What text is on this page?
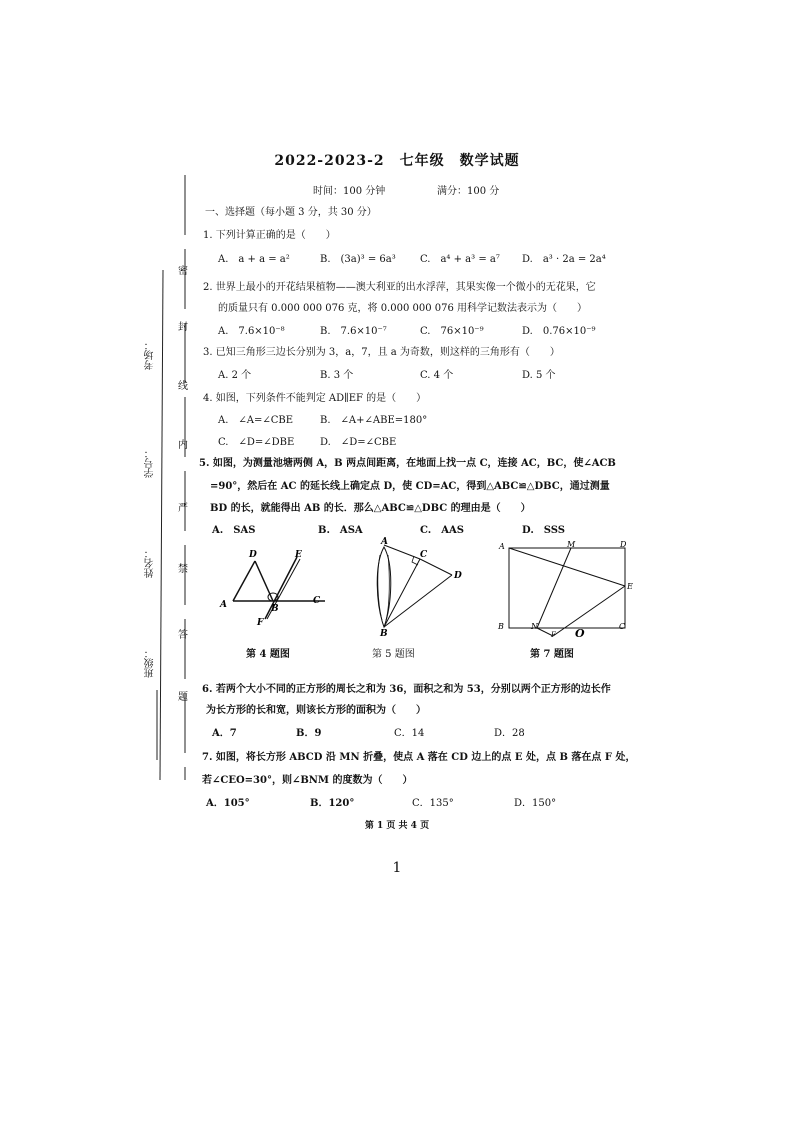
密
封
线
内
严
禁
答
题
考场：
学号：
姓名：
班级：
2022-2023-2　七年级　数学试题
时间：100 分钟	满分：100 分
一、选择题（每小题 3 分，共 30 分）
1. 下列计算正确的是（　　）
A.　a + a = a²	B.　(3a)³ = 6a³ C.　a⁴ + a³ = a⁷ D.　a³ · 2a = 2a⁴
2. 世界上最小的开花结果植物——澳大利亚的出水浮萍，其果实像一个微小的无花果，它
的质量只有 0.000 000 076 克，将 0.000 000 076 用科学记数法表示为（　　）
A.　7.6×10⁻⁸	B.　7.6×10⁻⁷	C.　76×10⁻⁹	D.　0.76×10⁻⁹
3. 已知三角形三边长分别为 3，a，7，且 a 为奇数，则这样的三角形有（　　）
A. 2 个	B. 3 个	C. 4 个	D. 5 个
4. 如图，下列条件不能判定 AD∥EF 的是（　　）
A.　∠A=∠CBE	B.　∠A+∠ABE=180°
C.　∠D=∠DBE	D.　∠D=∠CBE
5. 如图，为测量池塘两侧 A，B 两点间距离，在地面上找一点 C，连接 AC，BC，使∠ACB
=90°，然后在 AC 的延长线上确定点 D，使 CD=AC，得到△ABC≌△DBC，通过测量
BD 的长，就能得出 AB 的长．那么△ABC≌△DBC 的理由是（　　）
A.　SAS	B.　ASA	C.　AAS	D.　SSS
D	E
A	B
C
F
A
B
C
D
A	M	D
E
B	N
F O
C
第 4 题图	第 5 题图	第 7 题图
6. 若两个大小不同的正方形的周长之和为 36，面积之和为 53，分别以两个正方形的边长作
为长方形的长和宽，则该长方形的面积为（　　）
A．7	B．9	C．14	D．28
7. 如图，将长方形 ABCD 沿 MN 折叠，使点 A 落在 CD 边上的点 E 处，点 B 落在点 F 处，
若∠CEO=30°，则∠BNM 的度数为（　　）
A．105°	B．120°	C．135°	D．150°
第 1 页 共 4 页
1
